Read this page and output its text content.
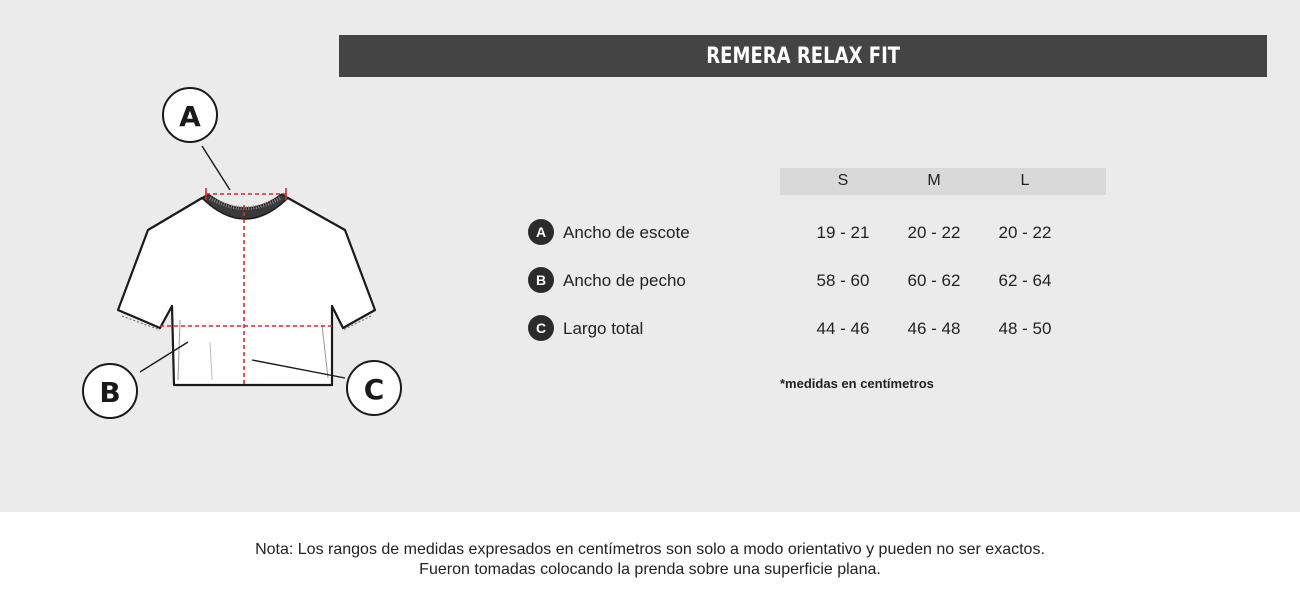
REMERA RELAX FIT
A
B	C
S	M	L
A Ancho de escote	19 - 21	20 - 22	20 - 22
B Ancho de pecho	58 - 60	60 - 62	62 - 64
C Largo total	44 - 46	46 - 48	48 - 50
*medidas en centímetros
Nota: Los rangos de medidas expresados en centímetros son solo a modo orientativo y pueden no ser exactos.
Fueron tomadas colocando la prenda sobre una superficie plana.
